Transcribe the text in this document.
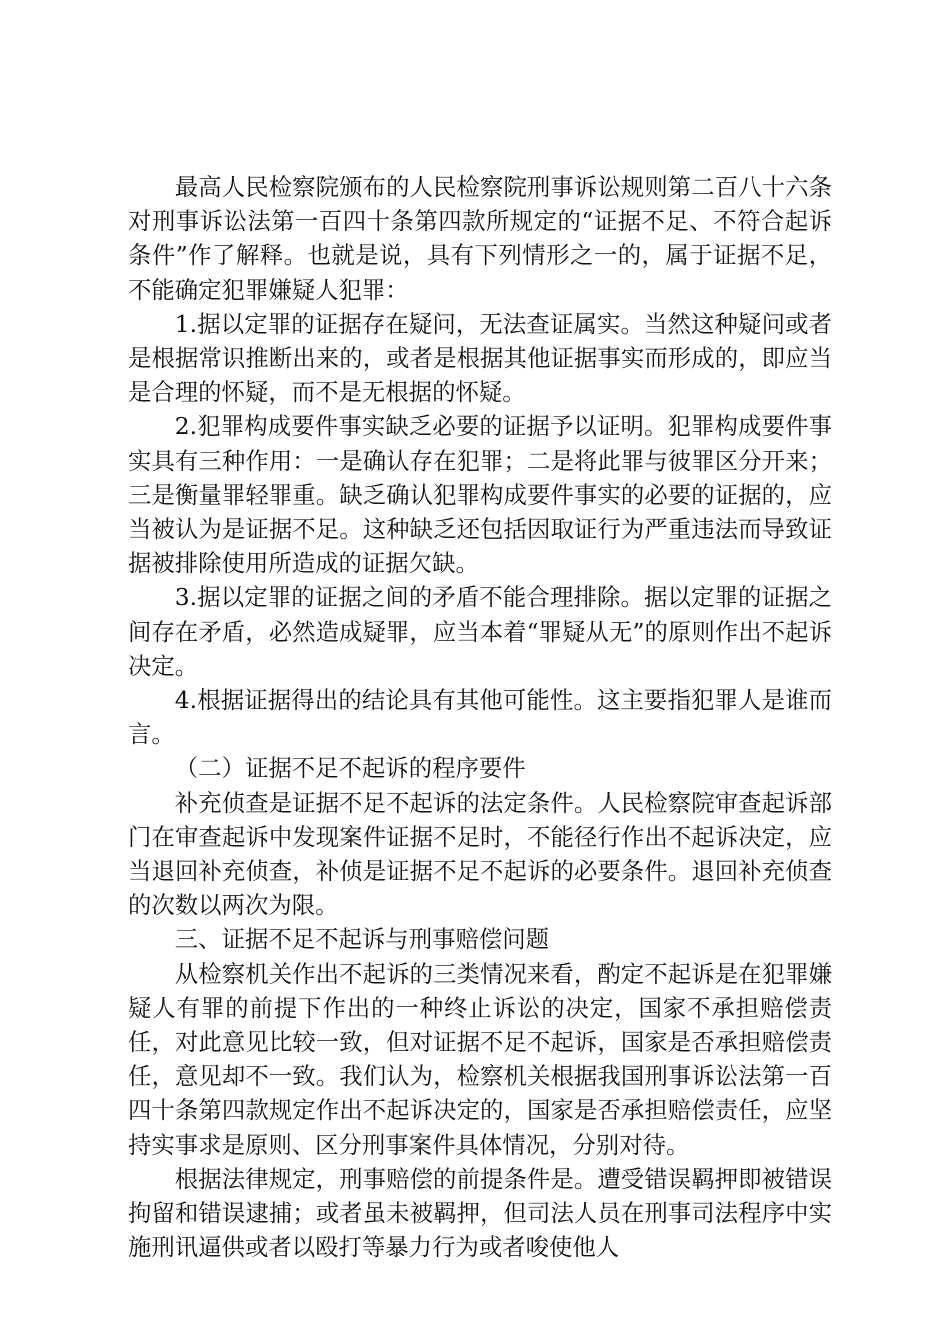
最高人民检察院颁布的人民检察院刑事诉讼规则第二百八十六条对刑事诉讼法第一百四十条第四款所规定的“证据不足、不符合起诉条件”作了解释。也就是说，具有下列情形之一的，属于证据不足，不能确定犯罪嫌疑人犯罪：

1.据以定罪的证据存在疑问，无法查证属实。当然这种疑问或者是根据常识推断出来的，或者是根据其他证据事实而形成的，即应当是合理的怀疑，而不是无根据的怀疑。

2.犯罪构成要件事实缺乏必要的证据予以证明。犯罪构成要件事实具有三种作用：一是确认存在犯罪；二是将此罪与彼罪区分开来；三是衡量罪轻罪重。缺乏确认犯罪构成要件事实的必要的证据的，应当被认为是证据不足。这种缺乏还包括因取证行为严重违法而导致证据被排除使用所造成的证据欠缺。

3.据以定罪的证据之间的矛盾不能合理排除。据以定罪的证据之间存在矛盾，必然造成疑罪，应当本着“罪疑从无”的原则作出不起诉决定。

4.根据证据得出的结论具有其他可能性。这主要指犯罪人是谁而言。

（二）证据不足不起诉的程序要件

补充侦查是证据不足不起诉的法定条件。人民检察院审查起诉部门在审查起诉中发现案件证据不足时，不能径行作出不起诉决定，应当退回补充侦查，补侦是证据不足不起诉的必要条件。退回补充侦查的次数以两次为限。

三、证据不足不起诉与刑事赔偿问题

从检察机关作出不起诉的三类情况来看，酌定不起诉是在犯罪嫌疑人有罪的前提下作出的一种终止诉讼的决定，国家不承担赔偿责任，对此意见比较一致，但对证据不足不起诉，国家是否承担赔偿责任，意见却不一致。我们认为，检察机关根据我国刑事诉讼法第一百四十条第四款规定作出不起诉决定的，国家是否承担赔偿责任，应坚持实事求是原则、区分刑事案件具体情况，分别对待。

根据法律规定，刑事赔偿的前提条件是。遭受错误羁押即被错误拘留和错误逮捕；或者虽未被羁押，但司法人员在刑事司法程序中实施刑讯逼供或者以殴打等暴力行为或者唆使他人
